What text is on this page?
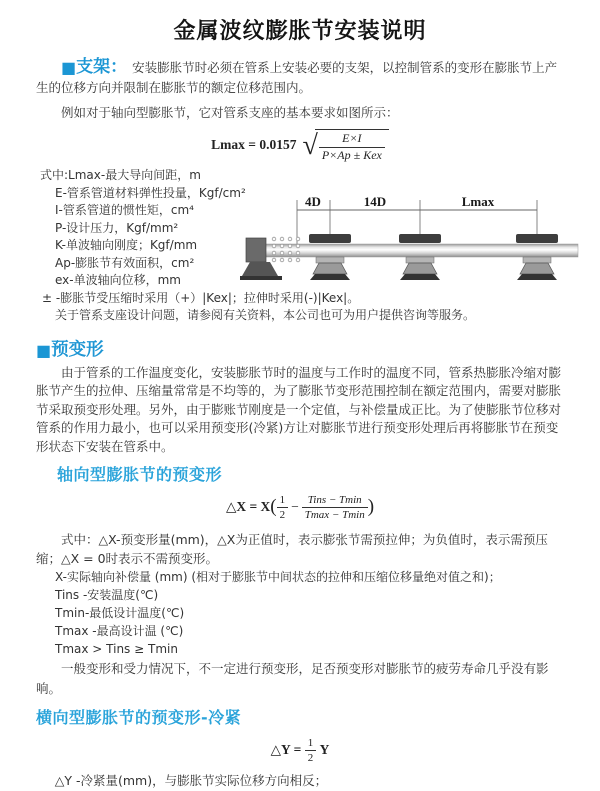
金属波纹膨胀节安装说明

■支架： 安装膨胀节时必须在管系上安装必要的支架，以控制管系的变形在膨胀节上产生的位移方向并限制在膨胀节的额定位移范围内。

例如对于轴向型膨胀节，它对管系支座的基本要求如图所示：

Lmax = 0.0157 √ $\frac{E\times I}{\text{P×Ap ± Kex}}$
式中:Lmax-最大导向间距，m
E-管系管道材料弹性投量，Kgf/cm²
I-管系管道的惯性矩，cm⁴
P-设计压力，Kgf/mm²
K-单波轴向刚度；Kgf/mm
Ap-膨胀节有效面积，cm²
ex-单波轴向位移，mm
± -膨胀节受压缩时采用（+）|Kex|；拉伸时采用(-)|Kex|。
关于管系支座设计问题，请参阅有关资料，本公司也可为用户提供咨询等服务。
4D	14D	Lmax
■预变形

由于管系的工作温度变化，安装膨胀节时的温度与工作时的温度不同，管系热膨胀冷缩对膨胀节产生的拉伸、压缩量常常是不均等的，为了膨胀节变形范围控制在额定范围内，需要对膨胀节采取预变形处理。另外，由于膨账节刚度是一个定值，与补偿量成正比。为了使膨胀节位移对管系的作用力最小，也可以采用预变形(冷紧)方让对膨胀节进行预变形处理后再将膨胀节在预变形状态下安装在管系中。

轴向型膨胀节的预变形
△X = $X( \frac{1}{2} - \frac{\text{Tins − Tmin}}{Tmax - Tmin}$ )

式中：△X-预变形量(mm)，△X为正值时，表示膨张节需预拉伸；为负值时，表示需预压缩；△X = 0时表示不需预变形。

X-实际轴向补偿量 (mm) (相对于膨胀节中间状态的拉伸和压缩位移量绝对值之和)；
Tins -安装温度(℃)
Tmin-最低设计温度(℃)
Tmax -最高设计温 (℃)
Tmax > Tins ≥ Tmin

一般变形和受力情况下，不一定进行预变形，足否预变形对膨胀节的疲劳寿命几乎没有影响。

横向型膨胀节的预变形-冷紧
△Y = $\frac{1}{2}$ Y

△Y -冷紧量(mm)，与膨胀节实际位移方向相反；
